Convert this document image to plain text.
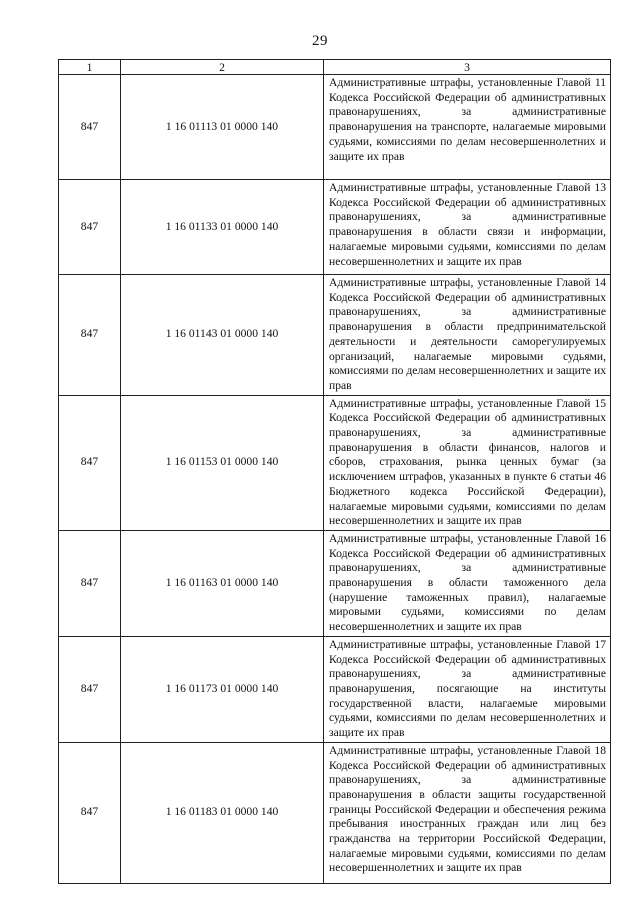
29
1	2	3
847	1 16 01113 01 0000 140	Административные штрафы, установленные Главой 11 Кодекса Российской Федерации об административных правонарушениях, за административные правонарушения на транспорте, налагаемые мировыми судьями, комиссиями по делам несовершеннолетних и защите их прав
847	1 16 01133 01 0000 140	Административные штрафы, установленные Главой 13 Кодекса Российской Федерации об административных правонарушениях, за административные правонарушения в области связи и информации, налагаемые мировыми судьями, комиссиями по делам несовершеннолетних и защите их прав
847	1 16 01143 01 0000 140	Административные штрафы, установленные Главой 14 Кодекса Российской Федерации об административных правонарушениях, за административные правонарушения в области предпринимательской деятельности и деятельности саморегулируемых организаций, налагаемые мировыми судьями, комиссиями по делам несовершеннолетних и защите их прав
847	1 16 01153 01 0000 140	Административные штрафы, установленные Главой 15 Кодекса Российской Федерации об административных правонарушениях, за административные правонарушения в области финансов, налогов и сборов, страхования, рынка ценных бумаг (за исключением штрафов, указанных в пункте 6 статьи 46 Бюджетного кодекса Российской Федерации), налагаемые мировыми судьями, комиссиями по делам несовершеннолетних и защите их прав
847	1 16 01163 01 0000 140	Административные штрафы, установленные Главой 16 Кодекса Российской Федерации об административных правонарушениях, за административные правонарушения в области таможенного дела (нарушение таможенных правил), налагаемые мировыми судьями, комиссиями по делам несовершеннолетних и защите их прав
847	1 16 01173 01 0000 140	Административные штрафы, установленные Главой 17 Кодекса Российской Федерации об административных правонарушениях, за административные правонарушения, посягающие на институты государственной власти, налагаемые мировыми судьями, комиссиями по делам несовершеннолетних и защите их прав
847	1 16 01183 01 0000 140	Административные штрафы, установленные Главой 18 Кодекса Российской Федерации об административных правонарушениях, за административные правонарушения в области защиты государственной границы Российской Федерации и обеспечения режима пребывания иностранных граждан или лиц без гражданства на территории Российской Федерации, налагаемые мировыми судьями, комиссиями по делам несовершеннолетних и защите их прав
